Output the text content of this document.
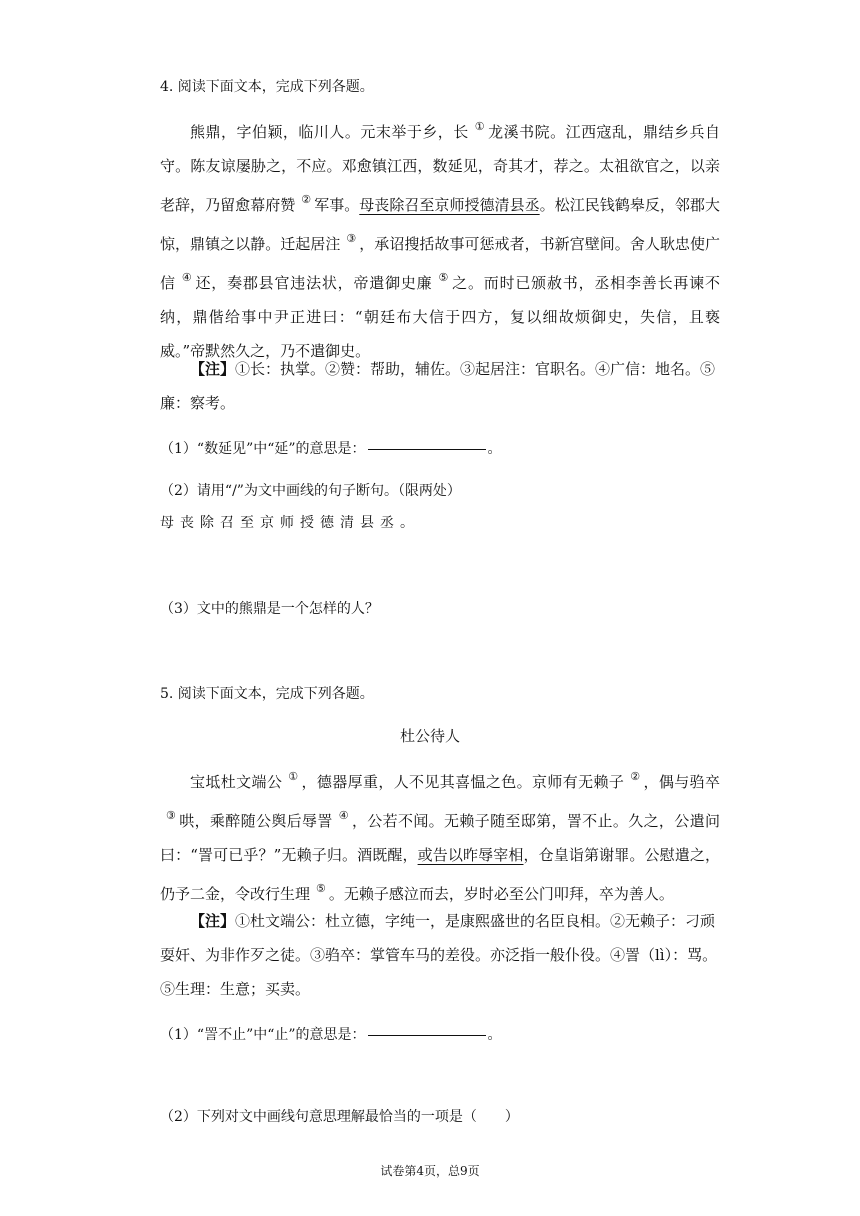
4. 阅读下面文本，完成下列各题。

熊鼎，字伯颖，临川人。元末举于乡，长 ① 龙溪书院。江西寇乱，鼎结乡兵自守。陈友谅屡胁之，不应。邓愈镇江西，数延见，奇其才，荐之。太祖欲官之，以亲老辞，乃留愈幕府赞 ② 军事。母丧除召至京师授德清县丞。松江民钱鹤皋反，邻郡大惊，鼎镇之以静。迁起居注 ③ ，承诏搜括故事可惩戒者，书新宫壁间。舍人耿忠使广信 ④ 还，奏郡县官违法状，帝遣御史廉 ⑤ 之。而时已颁赦书，丞相李善长再谏不纳，鼎偕给事中尹正进曰：“朝廷布大信于四方，复以细故烦御史，失信，且亵威。”帝默然久之，乃不遣御史。

【注】①长：执掌。②赞：帮助，辅佐。③起居注：官职名。④广信：地名。⑤廉：察考。

（1）“数延见”中“延”的意思是：	。
（2）请用“/”为文中画线的句子断句。（限两处）
母丧除召至京师授德清县丞。
（3）文中的熊鼎是一个怎样的人？
5. 阅读下面文本，完成下列各题。
杜公待人

宝坻杜文端公 ① ，德器厚重，人不见其喜愠之色。京师有无赖子 ② ，偶与驺卒③ 哄，乘醉随公舆后辱詈 ④ ，公若不闻。无赖子随至邸第，詈不止。久之，公遣问曰：“詈可已乎？”无赖子归。酒既醒，或告以昨辱宰相，仓皇诣第谢罪。公慰遣之，仍予二金，令改行生理 ⑤ 。无赖子感泣而去，岁时必至公门叩拜，卒为善人。

【注】①杜文端公：杜立德，字纯一，是康熙盛世的名臣良相。②无赖子：刁顽耍奸、为非作歹之徒。③驺卒：掌管车马的差役。亦泛指一般仆役。④詈（lì）：骂。⑤生理：生意；买卖。

（1）“詈不止”中“止”的意思是：	。
（2）下列对文中画线句意思理解最恰当的一项是（　　）
试卷第4页，总9页
